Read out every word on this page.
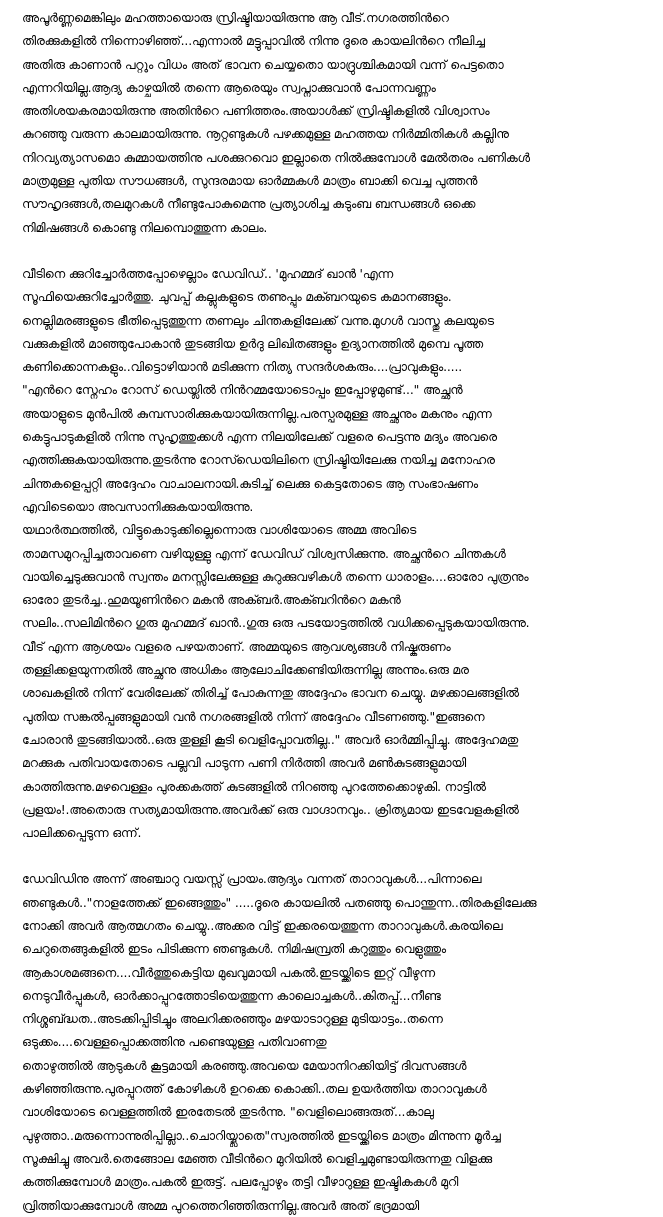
അപൂര്‍ണ്ണമെങ്കിലും മഹത്തായൊരു സ്രിഷ്ടിയായിരുന്നു ആ വീട്.നഗരത്തിന്‍റെ
തിരക്കുകളില്‍ നിന്നൊഴിഞ്ഞ്...എന്നാല്‍ മട്ടുപ്പാവില്‍ നിന്നു ദൂരെ കായലിന്‍റെ നീലിച്ച
അതിരു കാണാന്‍ പറ്റും വിധം അത് ഭാവന ചെയ്യതൊ യാദ്രുശ്ചികമായി വന്ന് പെട്ടതൊ
എന്നറിയില്ല.ആദ്യ കാഴ്ചയില്‍ തന്നെ ആരെയും സ്വപ്നാക്കുവാന്‍ പോന്നവണ്ണം
അതിശയകരമായിരുന്നു അതിന്‍റെ പണിത്തരം.അയാള്‍ക്ക് സ്രിഷ്ടികളില്‍ വിശ്വാസം
കുറഞ്ഞു വരുന്ന കാലമായിരുന്നു. നൂറ്റണ്ടുകള്‍ പഴക്കമുള്ള മഹത്തയ നിര്‍മ്മിതികള്‍ കല്ലിനു
നിറവ്യത്യാസമൊ കുമ്മായത്തിനു പശക്കുറവൊ ഇല്ലാതെ നില്‍ക്കുമ്പോള്‍ മേല്‍തരം പണികള്‍
മാത്രമുള്ള പുതിയ സൗധങ്ങള്‍, സുന്ദരമായ ഓര്‍മ്മകള്‍ മാത്രം ബാക്കി വെച്ച പുത്തന്‍
സൗഹൃദങ്ങള്‍,തലമുറകള്‍ നീണ്ടുപോകുമെന്നു പ്രത്യാശിച്ച കുടുംബ ബന്ധങ്ങള്‍ ഒക്കെ
നിമിഷങ്ങള്‍ കൊണ്ടു നിലമ്പൊത്തുന്ന കാലം.
വീടിനെ ക്കുറിച്ചോര്‍ത്തപ്പോഴെല്ലാം ഡേവിഡ്.. 'മുഹമ്മദ് ഖാന്‍ 'എന്ന
സൂഫിയെക്കുറിച്ചോര്‍ത്തു. ചുവപ്പ് കല്ലുകളുടെ തണുപ്പും മക്ബറയുടെ കമാനങ്ങളും.
നെല്ലിമരങ്ങളുടെ ഭീതിപ്പെടുത്തുന്ന തണലും ചിന്തകളിലേക്ക് വന്നു.മുഗള്‍ വാസ്തു കലയുടെ
വക്കുകളില്‍ മാഞ്ഞുപോകാന്‍ തുടങ്ങിയ ഉര്‍ദു ലിഖിതങ്ങളും ഉദ്യാനത്തില്‍ മുമ്പെ പൂത്ത
കണിക്കൊന്നകളും..വിട്ടൊഴിയാന്‍ മടിക്കുന്ന നിത്യ സന്ദര്‍ശകരും....പ്രാവുകളും.....
"എന്‍റെ സ്നേഹം റോസ് ഡെയ്ലില്‍ നിന്‍റമ്മയോടൊപ്പം ഇപ്പോഴുമുണ്ട്..." അച്ഛന്‍
അയാളുടെ മുന്‍പില്‍ കുമ്പസാരിക്കുകയായിരുന്നില്ല.പരസ്പരമുള്ള അച്ഛനും മകനും എന്ന
കെട്ടുപാടുകളില്‍ നിന്നു സുഹൃത്തുക്കള്‍ എന്ന നിലയിലേക്ക് വളരെ പെട്ടന്നു മദ്യം അവരെ
എത്തിക്കുകയായിരുന്നു.തുടര്‍ന്നു റോസ്ഡെയിലിനെ സ്രിഷ്ടിയിലേക്കു നയിച്ച മനോഹര
ചിന്തകളെപ്പറ്റി അദ്ദേഹം വാചാലനായി.കുടിച്ച് ലെക്കു കെട്ടതോടെ ആ സംഭാഷണം
എവിടെയൊ അവസാനിക്കുകയായിരുന്നു.
യഥാര്‍ത്ഥത്തില്‍, വിട്ടുകൊടുക്കില്ലെന്നൊരു വാശിയോടെ അമ്മ അവിടെ
താമസമുറപ്പിച്ചതാവണെ വഴിയുള്ളു എന്ന് ഡേവിഡ് വിശ്വസിക്കുന്നു. അച്ഛന്‍റെ ചിന്തകള്‍
വായിച്ചെടുക്കുവാന്‍ സ്വന്തം മനസ്സിലേക്കുള്ള കുറുക്കുവഴികള്‍ തന്നെ ധാരാളം....ഓരോ പുത്രനും
ഓരോ തുടര്‍ച്ച..ഹുമയൂണിന്‍റെ മകന്‍ അക്ബര്‍.അക്ബറിന്‍റെ മകന്‍
സലിം..സലിമിന്‍റെ ഗുരു മുഹമ്മദ് ഖാന്‍..ഗുരു ഒരു പടയോട്ടത്തില്‍ വധിക്കപ്പെടുകയായിരുന്നു.
വീട് എന്ന ആശയം വളരെ പഴയതാണ്. അമ്മയുടെ ആവശ്യങ്ങള്‍ നിഷ്കരുണം
തള്ളിക്കളയുന്നതില്‍ അച്ഛനു അധികം ആലോചിക്കേണ്ടിയിരുന്നില്ല അന്നും.ഒരു മര
ശാഖകളില്‍ നിന്ന് വേരിലേക്ക് തിരിച്ച് പോകുന്നതു അദ്ദേഹം ഭാവന ചെയ്യു. മഴക്കാലങ്ങളില്‍
പുതിയ സങ്കല്‍പ്പങ്ങളുമായി വന്‍ നഗരങ്ങളില്‍ നിന്ന് അദ്ദേഹം വീടണഞ്ഞു."ഇങ്ങനെ
ചോരാന്‍ തുടങ്ങിയാല്‍..ഒരു തുള്ളി കൂടി വെളിപ്പോവതില്ല.." അവര്‍ ഓര്‍മ്മിപ്പിച്ചു. അദ്ദേഹമതു
മറക്കുക പതിവായതോടെ പല്ലവി പാടുന്ന പണി നിര്‍ത്തി അവര്‍ മണ്‍കുടങ്ങളുമായി
കാത്തിരുന്നു.മഴവെള്ളം പുരക്കകത്ത് കുടങ്ങളില്‍ നിറഞ്ഞു പുറത്തേക്കൊഴുകി. നാട്ടില്‍
പ്രളയം!.അതൊരു സത്യമായിരുന്നു.അവര്‍ക്ക് ഒരു വാഗ്ദാനവും.. ക്രിത്യമായ ഇടവേളകളില്‍
പാലിക്കപ്പെടുന്ന ഒന്ന്.
ഡേവിഡിനു അന്ന് അഞ്ചാറു വയസ്സ് പ്രായം.ആദ്യം വന്നത് താറാവുകള്‍...പിന്നാലെ
ഞണ്ടുകള്‍.."നാളത്തേക്ക് ഇങ്ങെത്തും" .....ദൂരെ കായലില്‍ പതഞ്ഞു പൊന്തുന്ന..തിരകളിലേക്കു
നോക്കി അവര്‍ ആത്മഗതം ചെയ്യു..അക്കര വിട്ട് ഇക്കരയെത്തുന്ന താറാവുകള്‍.കരയിലെ
ചെറുതെങ്ങുകളില്‍ ഇടം പിടിക്കുന്ന ഞണ്ടുകള്‍. നിമിഷമ്പ്രതി കറുത്തും വെളുത്തും
ആകാശമങ്ങനെ....വീര്‍ത്തുകെട്ടിയ മുഖവുമായി പകല്‍.ഇടയ്ക്കിടെ ഇറ്റ് വീഴുന്ന
നെടുവീര്‍പ്പുകള്‍, ഓര്‍ക്കാപ്പുറത്തോടിയെത്തുന്ന കാലൊച്ചകള്‍..കിതപ്പ്...നീണ്ട
നിശ്ശബ്ദ്ധത..അടക്കിപ്പിടിച്ചും അലറിക്കരഞ്ഞും മഴയാടാറുള്ള മുടിയാട്ടം..തന്നെ
ഒടുക്കം....വെള്ളപ്പൊക്കത്തിനു പണ്ടെയുള്ള പതിവാണതു
തൊഴുത്തില്‍ ആടുകള്‍ കൂട്ടമായി കരഞ്ഞു.അവയെ മേയാനിറക്കിയിട്ട് ദിവസങ്ങള്‍
കഴിഞ്ഞിരുന്നു.പുരപ്പുറത്ത് കോഴികള്‍ ഉറക്കെ കൊക്കി..തല ഉയര്‍ത്തിയ താറാവുകള്‍
വാശിയോടെ വെള്ളത്തില്‍ ഇരതേടല്‍ തുടര്‍ന്നു. "വെളിലൊങ്ങരുത്...കാലു
പുഴുത്താ..മരുന്നൊന്നുരിപ്പില്ലാ..ചൊറിയ്യ്ലാതെ"സ്വരത്തില്‍ ഇടയ്ക്കിടെ മാത്രം മിന്നുന്ന മൂര്‍ച്ച
സൂക്ഷിച്ചു അവര്‍.തെങ്ങോല മേഞ്ഞ വീടിന്‍റെ മുറിയില്‍ വെളിച്ചമുണ്ടായിരുന്നതു വിളക്കു
കത്തിക്കുമ്പോള്‍ മാത്രം.പകല്‍ ഇരുട്ട്. പലപ്പോഴും തട്ടി വീഴാറുള്ള ഇഷ്ടികകള്‍ മുറി
വ്രിത്തിയാക്കുമ്പോള്‍ അമ്മ പുറത്തെറിഞ്ഞിരുന്നില്ല.അവര്‍ അത് ഭദ്രമായി
